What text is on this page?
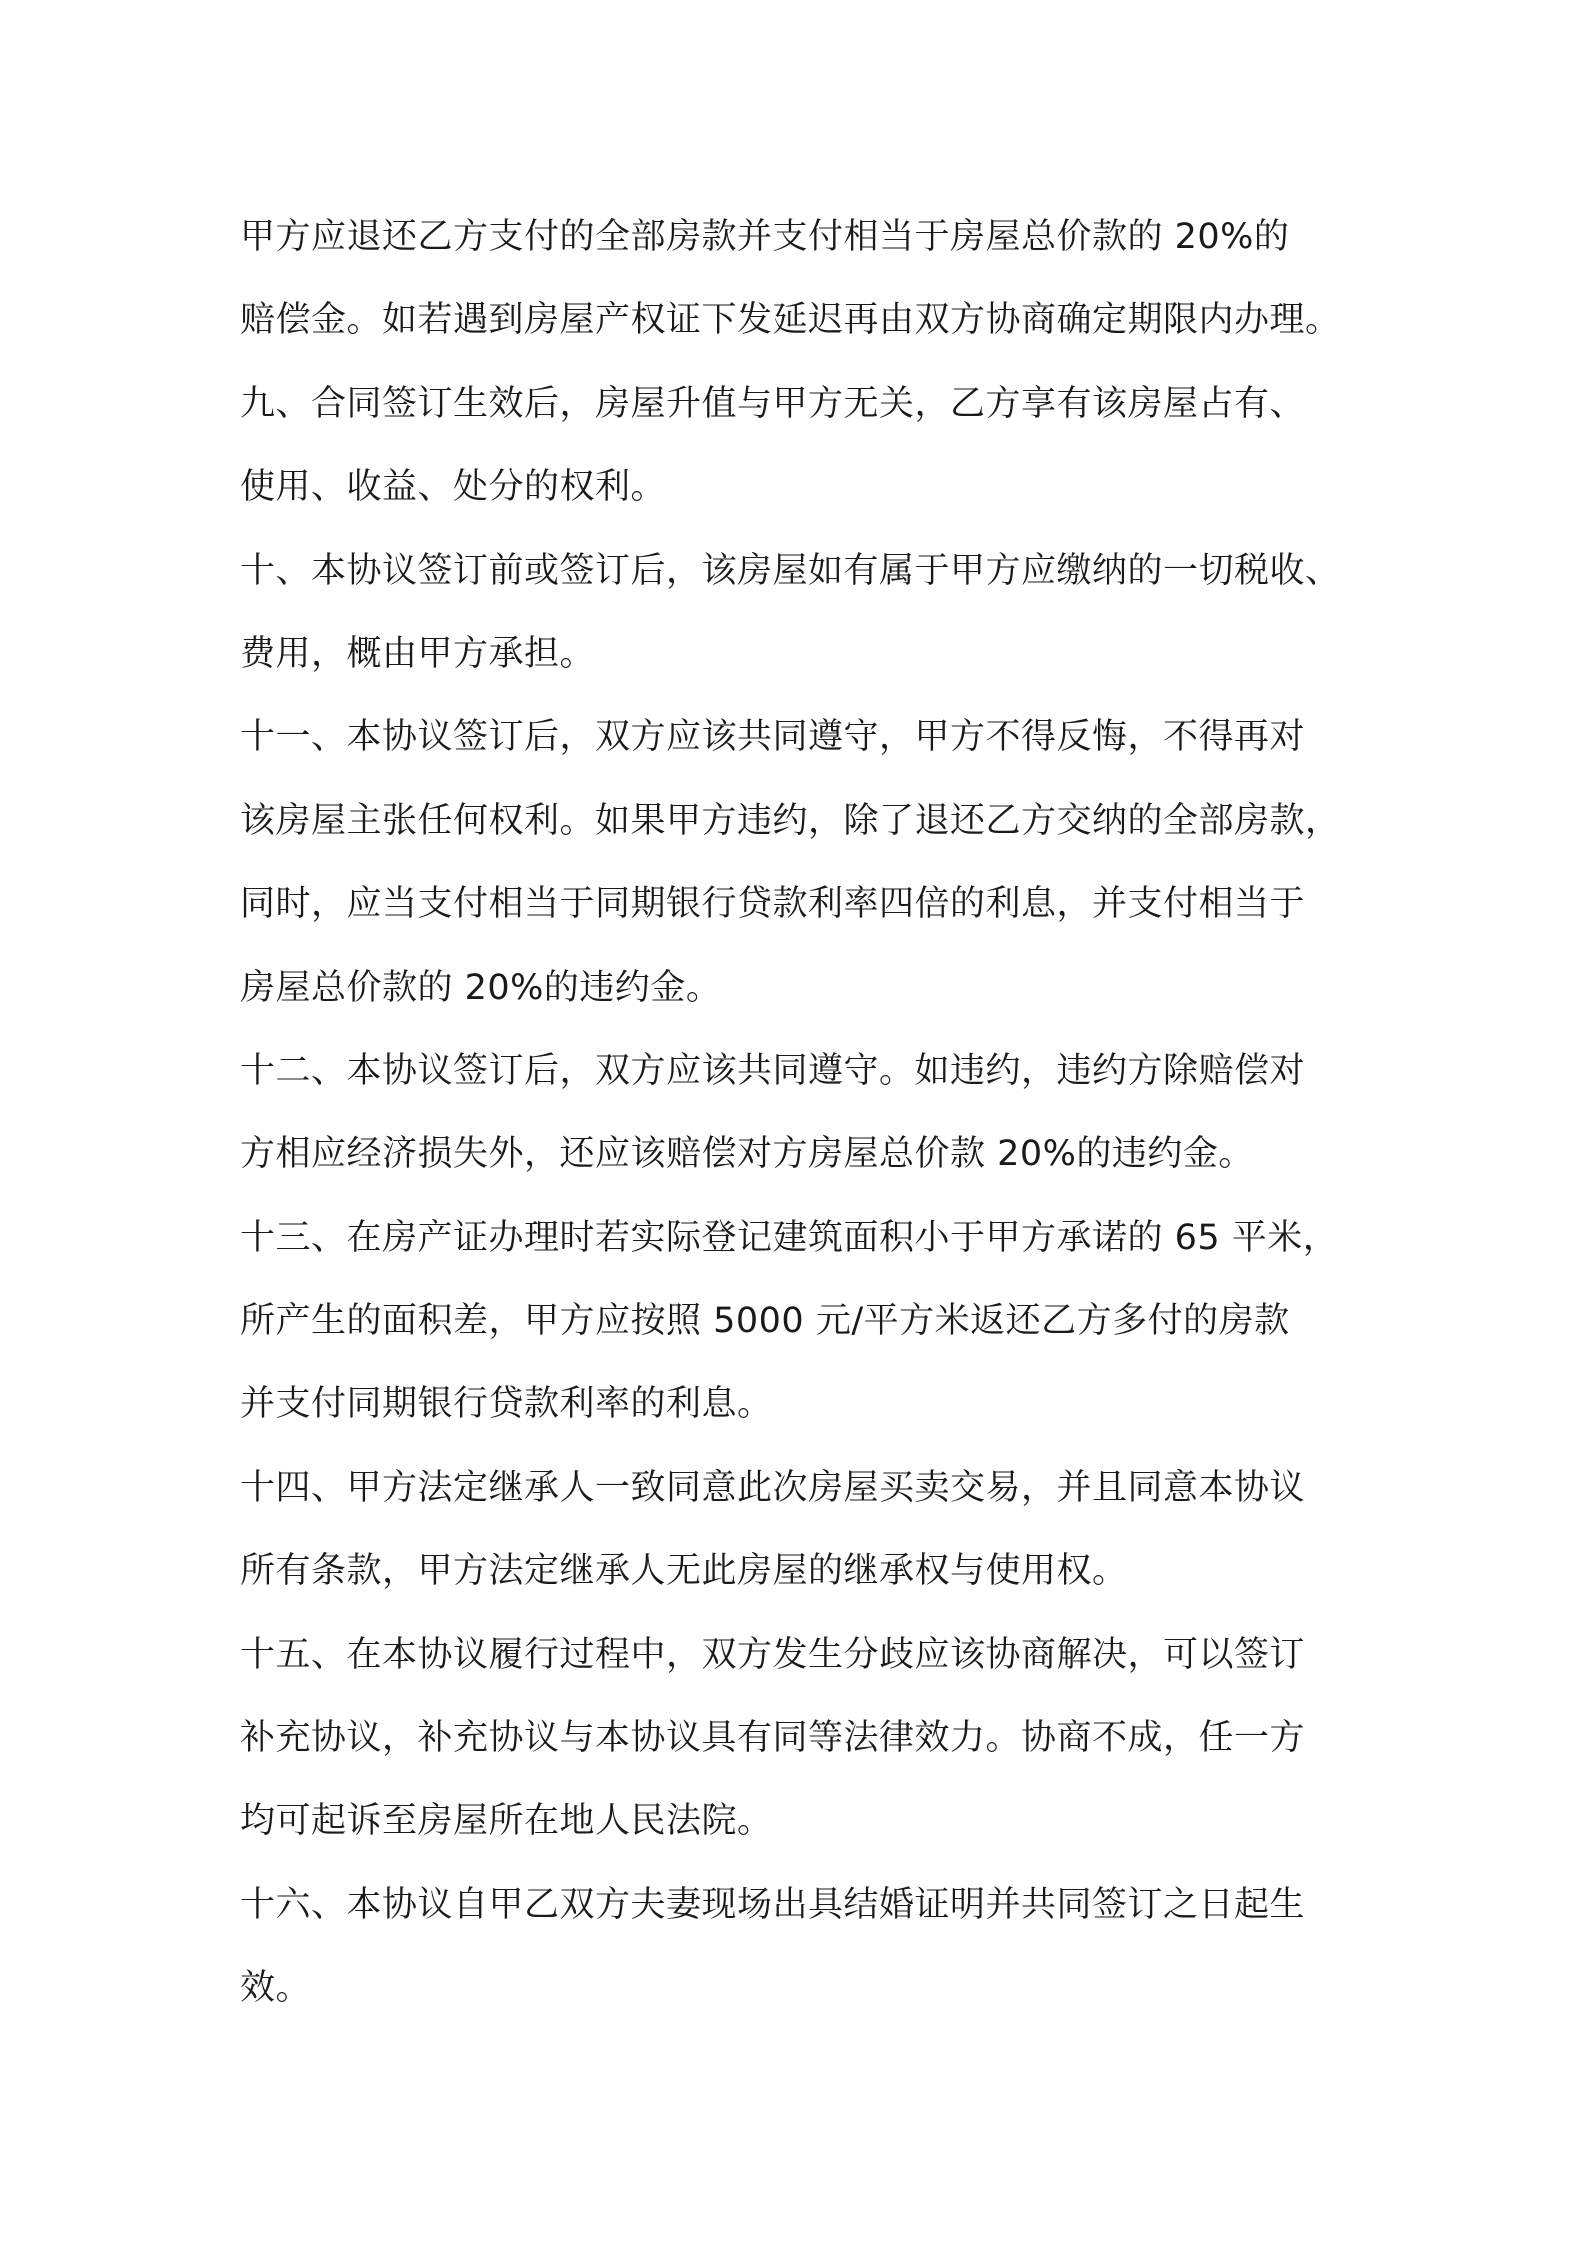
甲方应退还乙方支付的全部房款并支付相当于房屋总价款的 20%的
赔偿金。如若遇到房屋产权证下发延迟再由双方协商确定期限内办理。
九、合同签订生效后，房屋升值与甲方无关，乙方享有该房屋占有、
使用、收益、处分的权利。
十、本协议签订前或签订后，该房屋如有属于甲方应缴纳的一切税收、
费用，概由甲方承担。
十一、本协议签订后，双方应该共同遵守，甲方不得反悔，不得再对
该房屋主张任何权利。如果甲方违约，除了退还乙方交纳的全部房款，
同时，应当支付相当于同期银行贷款利率四倍的利息，并支付相当于
房屋总价款的 20%的违约金。
十二、本协议签订后，双方应该共同遵守。如违约，违约方除赔偿对
方相应经济损失外，还应该赔偿对方房屋总价款 20%的违约金。
十三、在房产证办理时若实际登记建筑面积小于甲方承诺的 65 平米，
所产生的面积差，甲方应按照 5000 元/平方米返还乙方多付的房款
并支付同期银行贷款利率的利息。
十四、甲方法定继承人一致同意此次房屋买卖交易，并且同意本协议
所有条款，甲方法定继承人无此房屋的继承权与使用权。
十五、在本协议履行过程中，双方发生分歧应该协商解决，可以签订
补充协议，补充协议与本协议具有同等法律效力。协商不成，任一方
均可起诉至房屋所在地人民法院。
十六、本协议自甲乙双方夫妻现场出具结婚证明并共同签订之日起生
效。
